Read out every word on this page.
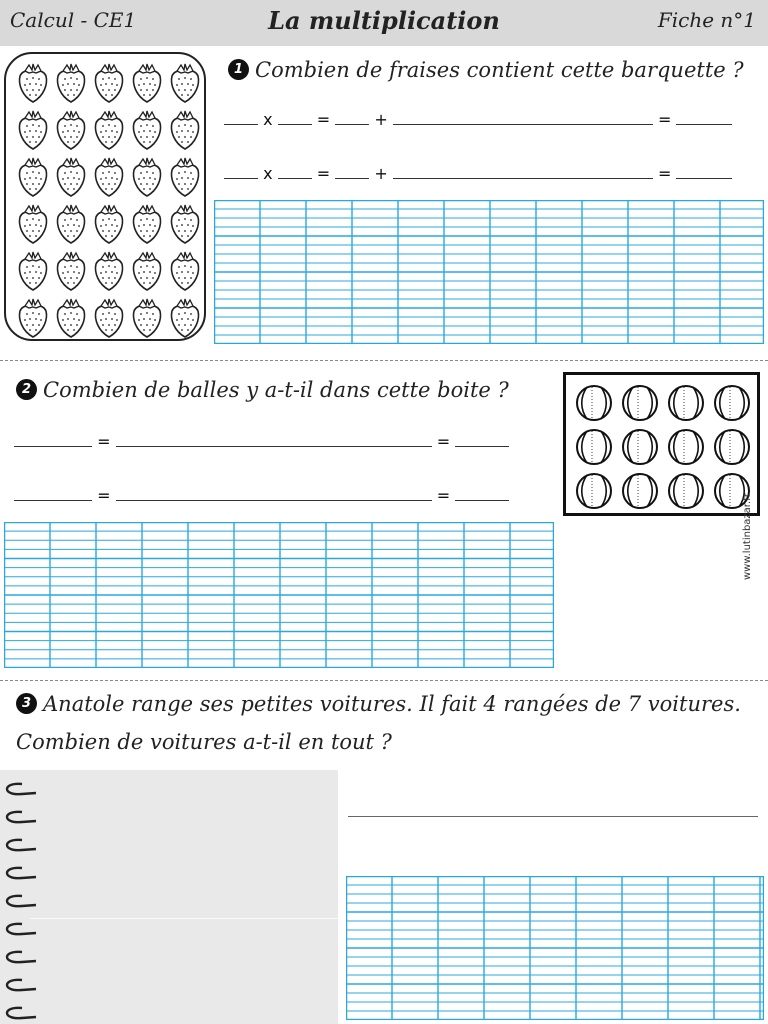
Calcul - CE1	La multiplication	Fiche n°1
1 Combien de fraises contient cette barquette ?
x	=	+	=
x	=	+	=
2 Combien de balles y a-t-il dans cette boite ?
=	=
=	=	www.lutinbazar.fr
3 Anatole range ses petites voitures. Il fait 4 rangées de 7 voitures.
Combien de voitures a-t-il en tout ?
